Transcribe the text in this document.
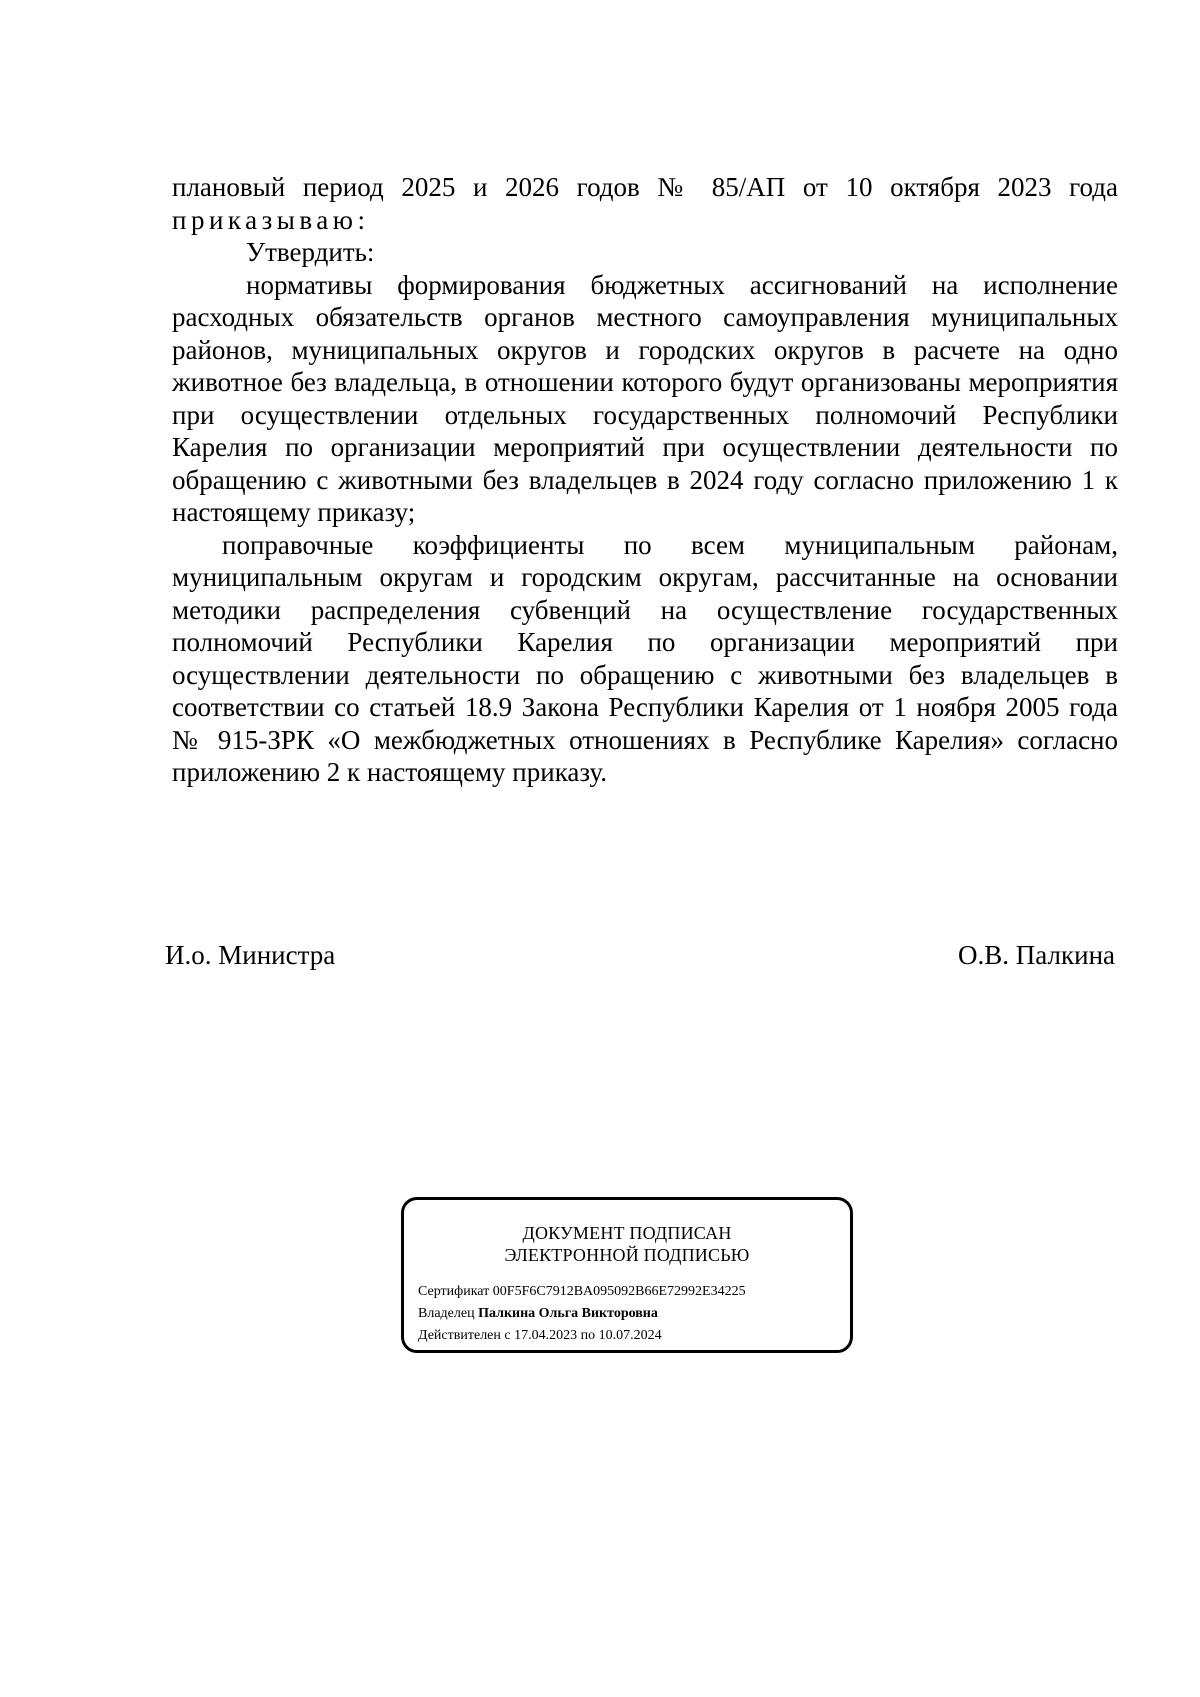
плановый период 2025 и 2026 годов № 85/АП от 10 октября 2023 года

приказываю:

Утвердить:

нормативы формирования бюджетных ассигнований на исполнение расходных обязательств органов местного самоуправления муниципальных районов, муниципальных округов и городских округов в расчете на одно животное без владельца, в отношении которого будут организованы мероприятия при осуществлении отдельных государственных полномочий Республики Карелия по организации мероприятий при осуществлении деятельности по обращению с животными без владельцев в 2024 году согласно приложению 1 к настоящему приказу;

поправочные коэффициенты по всем муниципальным районам, муниципальным округам и городским округам, рассчитанные на основании методики распределения субвенций на осуществление государственных полномочий Республики Карелия по организации мероприятий при осуществлении деятельности по обращению с животными без владельцев в соответствии со статьей 18.9 Закона Республики Карелия от 1 ноября 2005 года № 915-ЗРК «О межбюджетных отношениях в Республике Карелия» согласно приложению 2 к настоящему приказу.

И.о. Министра	О.В. Палкина
ДОКУМЕНТ ПОДПИСАН
ЭЛЕКТРОННОЙ ПОДПИСЬЮ
Сертификат 00F5F6C7912BA095092B66E72992E34225
Владелец Палкина Ольга Викторовна
Действителен с 17.04.2023 по 10.07.2024
